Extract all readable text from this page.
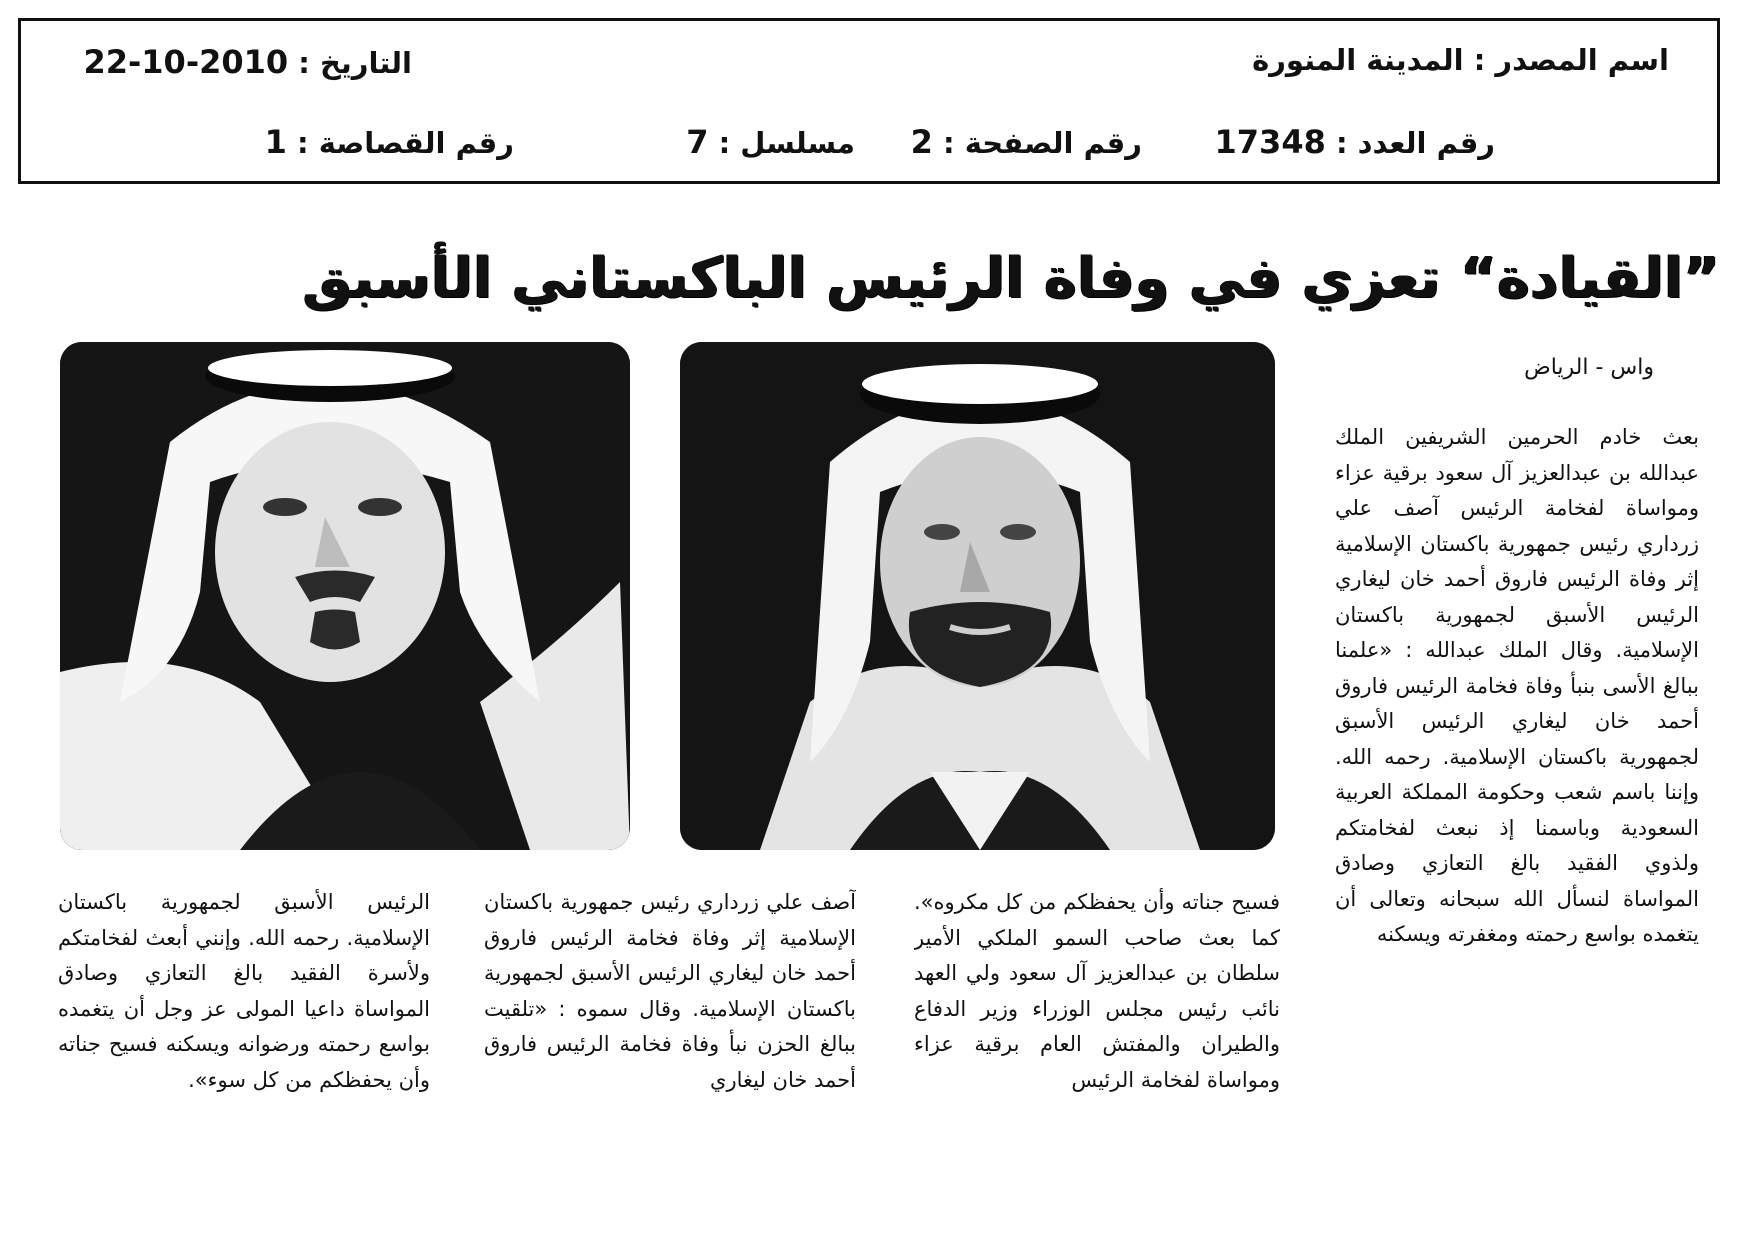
اسم المصدر : المدينة المنورة
التاريخ : 22-10-2010
رقم العدد : 17348
رقم الصفحة : 2
مسلسل : 7
رقم القصاصة : 1
”القيادة“ تعزي في وفاة الرئيس الباكستاني الأسبق
واس - الرياض

بعث خادم الحرمين الشريفين الملك عبدالله بن عبدالعزيز آل سعود برقية عزاء ومواساة لفخامة الرئيس آصف علي زرداري رئيس جمهورية باكستان الإسلامية إثر وفاة الرئيس فاروق أحمد خان ليغاري الرئيس الأسبق لجمهورية باكستان الإسلامية. وقال الملك عبدالله : «علمنا ببالغ الأسى بنبأ وفاة فخامة الرئيس فاروق أحمد خان ليغاري الرئيس الأسبق لجمهورية باكستان الإسلامية. رحمه الله. وإننا باسم شعب وحكومة المملكة العربية السعودية وباسمنا إذ نبعث لفخامتكم ولذوي الفقيد بالغ التعازي وصادق المواساة لنسأل الله سبحانه وتعالى أن يتغمده بواسع رحمته ومغفرته ويسكنه

فسيح جناته وأن يحفظكم من كل مكروه». كما بعث صاحب السمو الملكي الأمير سلطان بن عبدالعزيز آل سعود ولي العهد نائب رئيس مجلس الوزراء وزير الدفاع والطيران والمفتش العام برقية عزاء ومواساة لفخامة الرئيس

آصف علي زرداري رئيس جمهورية باكستان الإسلامية إثر وفاة فخامة الرئيس فاروق أحمد خان ليغاري الرئيس الأسبق لجمهورية باكستان الإسلامية. وقال سموه : «تلقيت ببالغ الحزن نبأ وفاة فخامة الرئيس فاروق أحمد خان ليغاري

الرئيس الأسبق لجمهورية باكستان الإسلامية. رحمه الله. وإنني أبعث لفخامتكم ولأسرة الفقيد بالغ التعازي وصادق المواساة داعيا المولى عز وجل أن يتغمده بواسع رحمته ورضوانه ويسكنه فسيح جناته وأن يحفظكم من كل سوء».
